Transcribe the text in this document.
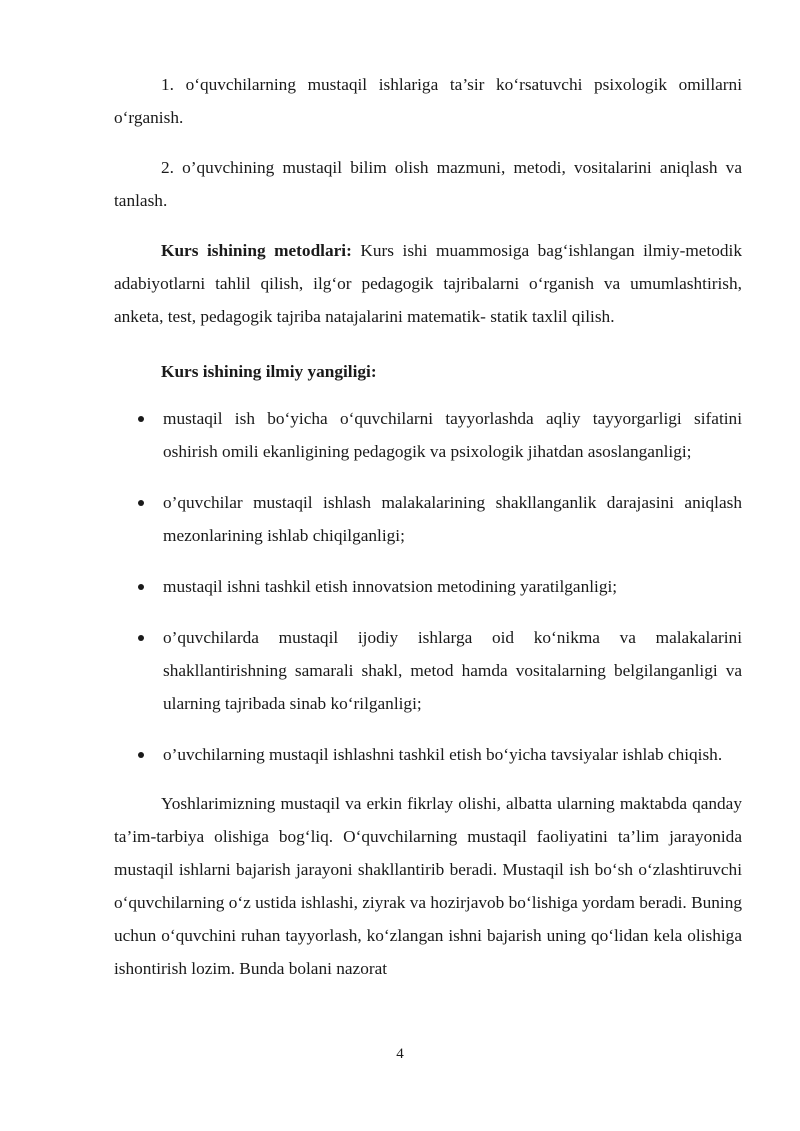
1. o‘quvchilarning mustaqil ishlariga ta’sir ko‘rsatuvchi psixologik omillarni o‘rganish.

2. o’quvchining mustaqil bilim olish mazmuni, metodi, vositalarini aniqlash va tanlash.

Kurs ishining metodlari: Kurs ishi muammosiga bag‘ishlangan ilmiy-metodik adabiyotlarni tahlil qilish, ilg‘or pedagogik tajribalarni o‘rganish va umumlashtirish, anketa, test, pedagogik tajriba natajalarini matematik- statik taxlil qilish.

Kurs ishining ilmiy yangiligi:
mustaqil ish bo‘yicha o‘quvchilarni tayyorlashda aqliy tayyorgarligi sifatini oshirish omili ekanligining pedagogik va psixologik jihatdan asoslanganligi;
o’quvchilar mustaqil ishlash malakalarining shakllanganlik darajasini aniqlash mezonlarining ishlab chiqilganligi;
mustaqil ishni tashkil etish innovatsion metodining yaratilganligi;
o’quvchilarda mustaqil ijodiy ishlarga oid ko‘nikma va malakalarini shakllantirishning samarali shakl, metod hamda vositalarning belgilanganligi va ularning tajribada sinab ko‘rilganligi;
o’uvchilarning mustaqil ishlashni tashkil etish bo‘yicha tavsiyalar ishlab chiqish.

Yoshlarimizning mustaqil va erkin fikrlay olishi, albatta ularning maktabda qanday ta’im-tarbiya olishiga bog‘liq. O‘quvchilarning mustaqil faoliyatini ta’lim jarayonida mustaqil ishlarni bajarish jarayoni shakllantirib beradi. Mustaqil ish bo‘sh o‘zlashtiruvchi o‘quvchilarning o‘z ustida ishlashi, ziyrak va hozirjavob bo‘lishiga yordam beradi. Buning uchun o‘quvchini ruhan tayyorlash, ko‘zlangan ishni bajarish uning qo‘lidan kela olishiga ishontirish lozim. Bunda bolani nazorat

4
